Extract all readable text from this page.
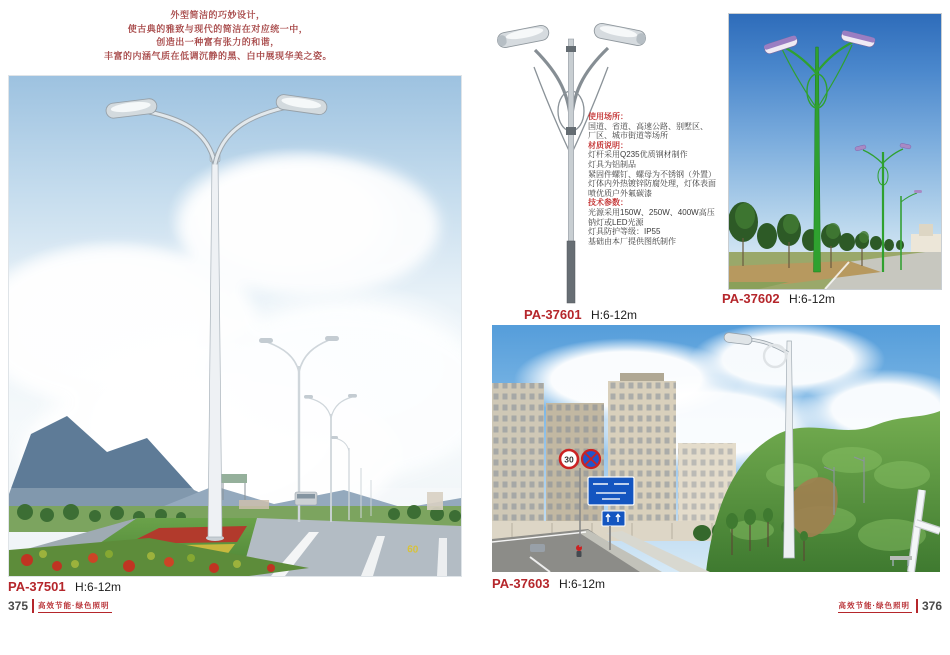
外型简洁的巧妙设计，
使古典的雅致与现代的简洁在对应统一中，
创造出一种富有张力的和谐，
丰富的内涵气质在低调沉静的黑、白中展现华美之姿。
60
PA-37501 H:6-12m
PA-37601 H:6-12m
使用场所：
国道、省道、高速公路、别墅区、
厂区、城市街道等场所
材质说明：
灯杆采用Q235优质钢材制作
灯具为铝制品
紧固件螺钉、螺母为不锈钢（外置）
灯体内外热镀锌防腐处理，灯体表面
喷优质户外氟碳漆
技术参数：
光源采用150W、250W、400W高压
钠灯或LED光源
灯具防护等级：IP55
基础由本厂提供图纸制作
PA-37602 H:6-12m
30
PA-37603 H:6-12m
375 高效节能·绿色照明	高效节能·绿色照明 376
